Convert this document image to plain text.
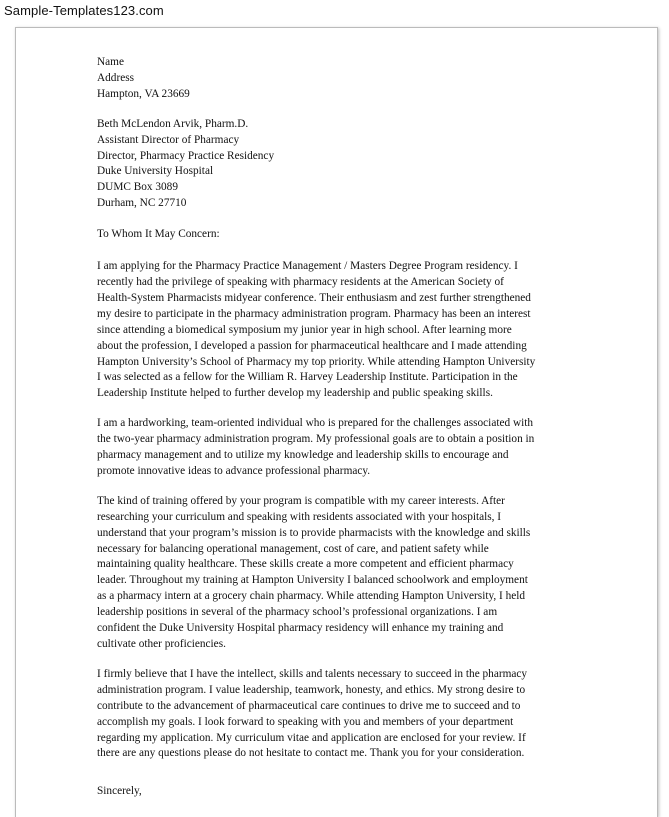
Sample-Templates123.com
Name
Address
Hampton, VA 23669
Beth McLendon Arvik, Pharm.D.
Assistant Director of Pharmacy
Director, Pharmacy Practice Residency
Duke University Hospital
DUMC Box 3089
Durham, NC 27710
To Whom It May Concern:
I am applying for the Pharmacy Practice Management / Masters Degree Program residency. I
recently had the privilege of speaking with pharmacy residents at the American Society of
Health-System Pharmacists midyear conference. Their enthusiasm and zest further strengthened
my desire to participate in the pharmacy administration program. Pharmacy has been an interest
since attending a biomedical symposium my junior year in high school. After learning more
about the profession, I developed a passion for pharmaceutical healthcare and I made attending
Hampton University’s School of Pharmacy my top priority. While attending Hampton University
I was selected as a fellow for the William R. Harvey Leadership Institute. Participation in the
Leadership Institute helped to further develop my leadership and public speaking skills.
I am a hardworking, team-oriented individual who is prepared for the challenges associated with
the two-year pharmacy administration program. My professional goals are to obtain a position in
pharmacy management and to utilize my knowledge and leadership skills to encourage and
promote innovative ideas to advance professional pharmacy.
The kind of training offered by your program is compatible with my career interests. After
researching your curriculum and speaking with residents associated with your hospitals, I
understand that your program’s mission is to provide pharmacists with the knowledge and skills
necessary for balancing operational management, cost of care, and patient safety while
maintaining quality healthcare. These skills create a more competent and efficient pharmacy
leader. Throughout my training at Hampton University I balanced schoolwork and employment
as a pharmacy intern at a grocery chain pharmacy. While attending Hampton University, I held
leadership positions in several of the pharmacy school’s professional organizations. I am
confident the Duke University Hospital pharmacy residency will enhance my training and
cultivate other proficiencies.
I firmly believe that I have the intellect, skills and talents necessary to succeed in the pharmacy
administration program. I value leadership, teamwork, honesty, and ethics. My strong desire to
contribute to the advancement of pharmaceutical care continues to drive me to succeed and to
accomplish my goals. I look forward to speaking with you and members of your department
regarding my application. My curriculum vitae and application are enclosed for your review. If
there are any questions please do not hesitate to contact me. Thank you for your consideration.
Sincerely,
